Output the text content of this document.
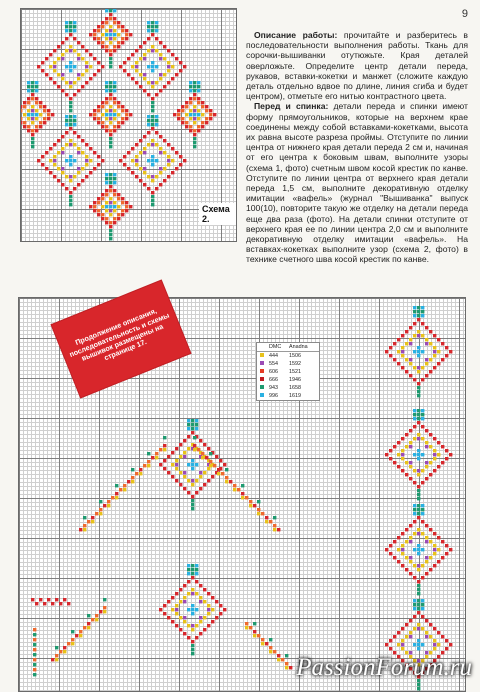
9
Схема 2.

Описание работы: прочитайте и разберитесь в последовательности выполнения работы. Ткань для сорочки-вышиванки отутюжьте. Края деталей оверложьте. Определите центр детали переда, рукавов, вставки-кокетки и манжет (сложите каждую деталь отдельно вдвое по длине, линия сгиба и будет центром), отметьте его нитью контрастного цвета.

Перед и спинка: детали переда и спинки имеют форму прямоугольников, которые на верхнем крае соединены между собой вставками-кокетками, высота их равна высоте разреза проймы. Отступите по линии центра от нижнего края детали переда 2 см и, начиная от его центра к боковым швам, выполните узоры (схема 1, фото) счетным швом косой крестик по канве. Отступите по линии центра от верхнего края детали переда 1,5 см, выполните декоративную отделку имитации «вафель» (журнал "Вышиванка" выпуск 100(10), повторите такую же отделку на детали переда еще два раза (фото). На детали спинки отступите от верхнего края ее по линии центра 2,0 см и выполните декоративную отделку имитации «вафель». На вставках-кокетках выполните узор (схема 2, фото) в технике счетного шва косой крестик по канве.

Продолжение описания, последовательность и схемы вышивок размещены на странице 17.	DMC	Anadna
444	1506
554	1592
606	1521
666	1946
943	1658
996	1619
PassionForum.ru
